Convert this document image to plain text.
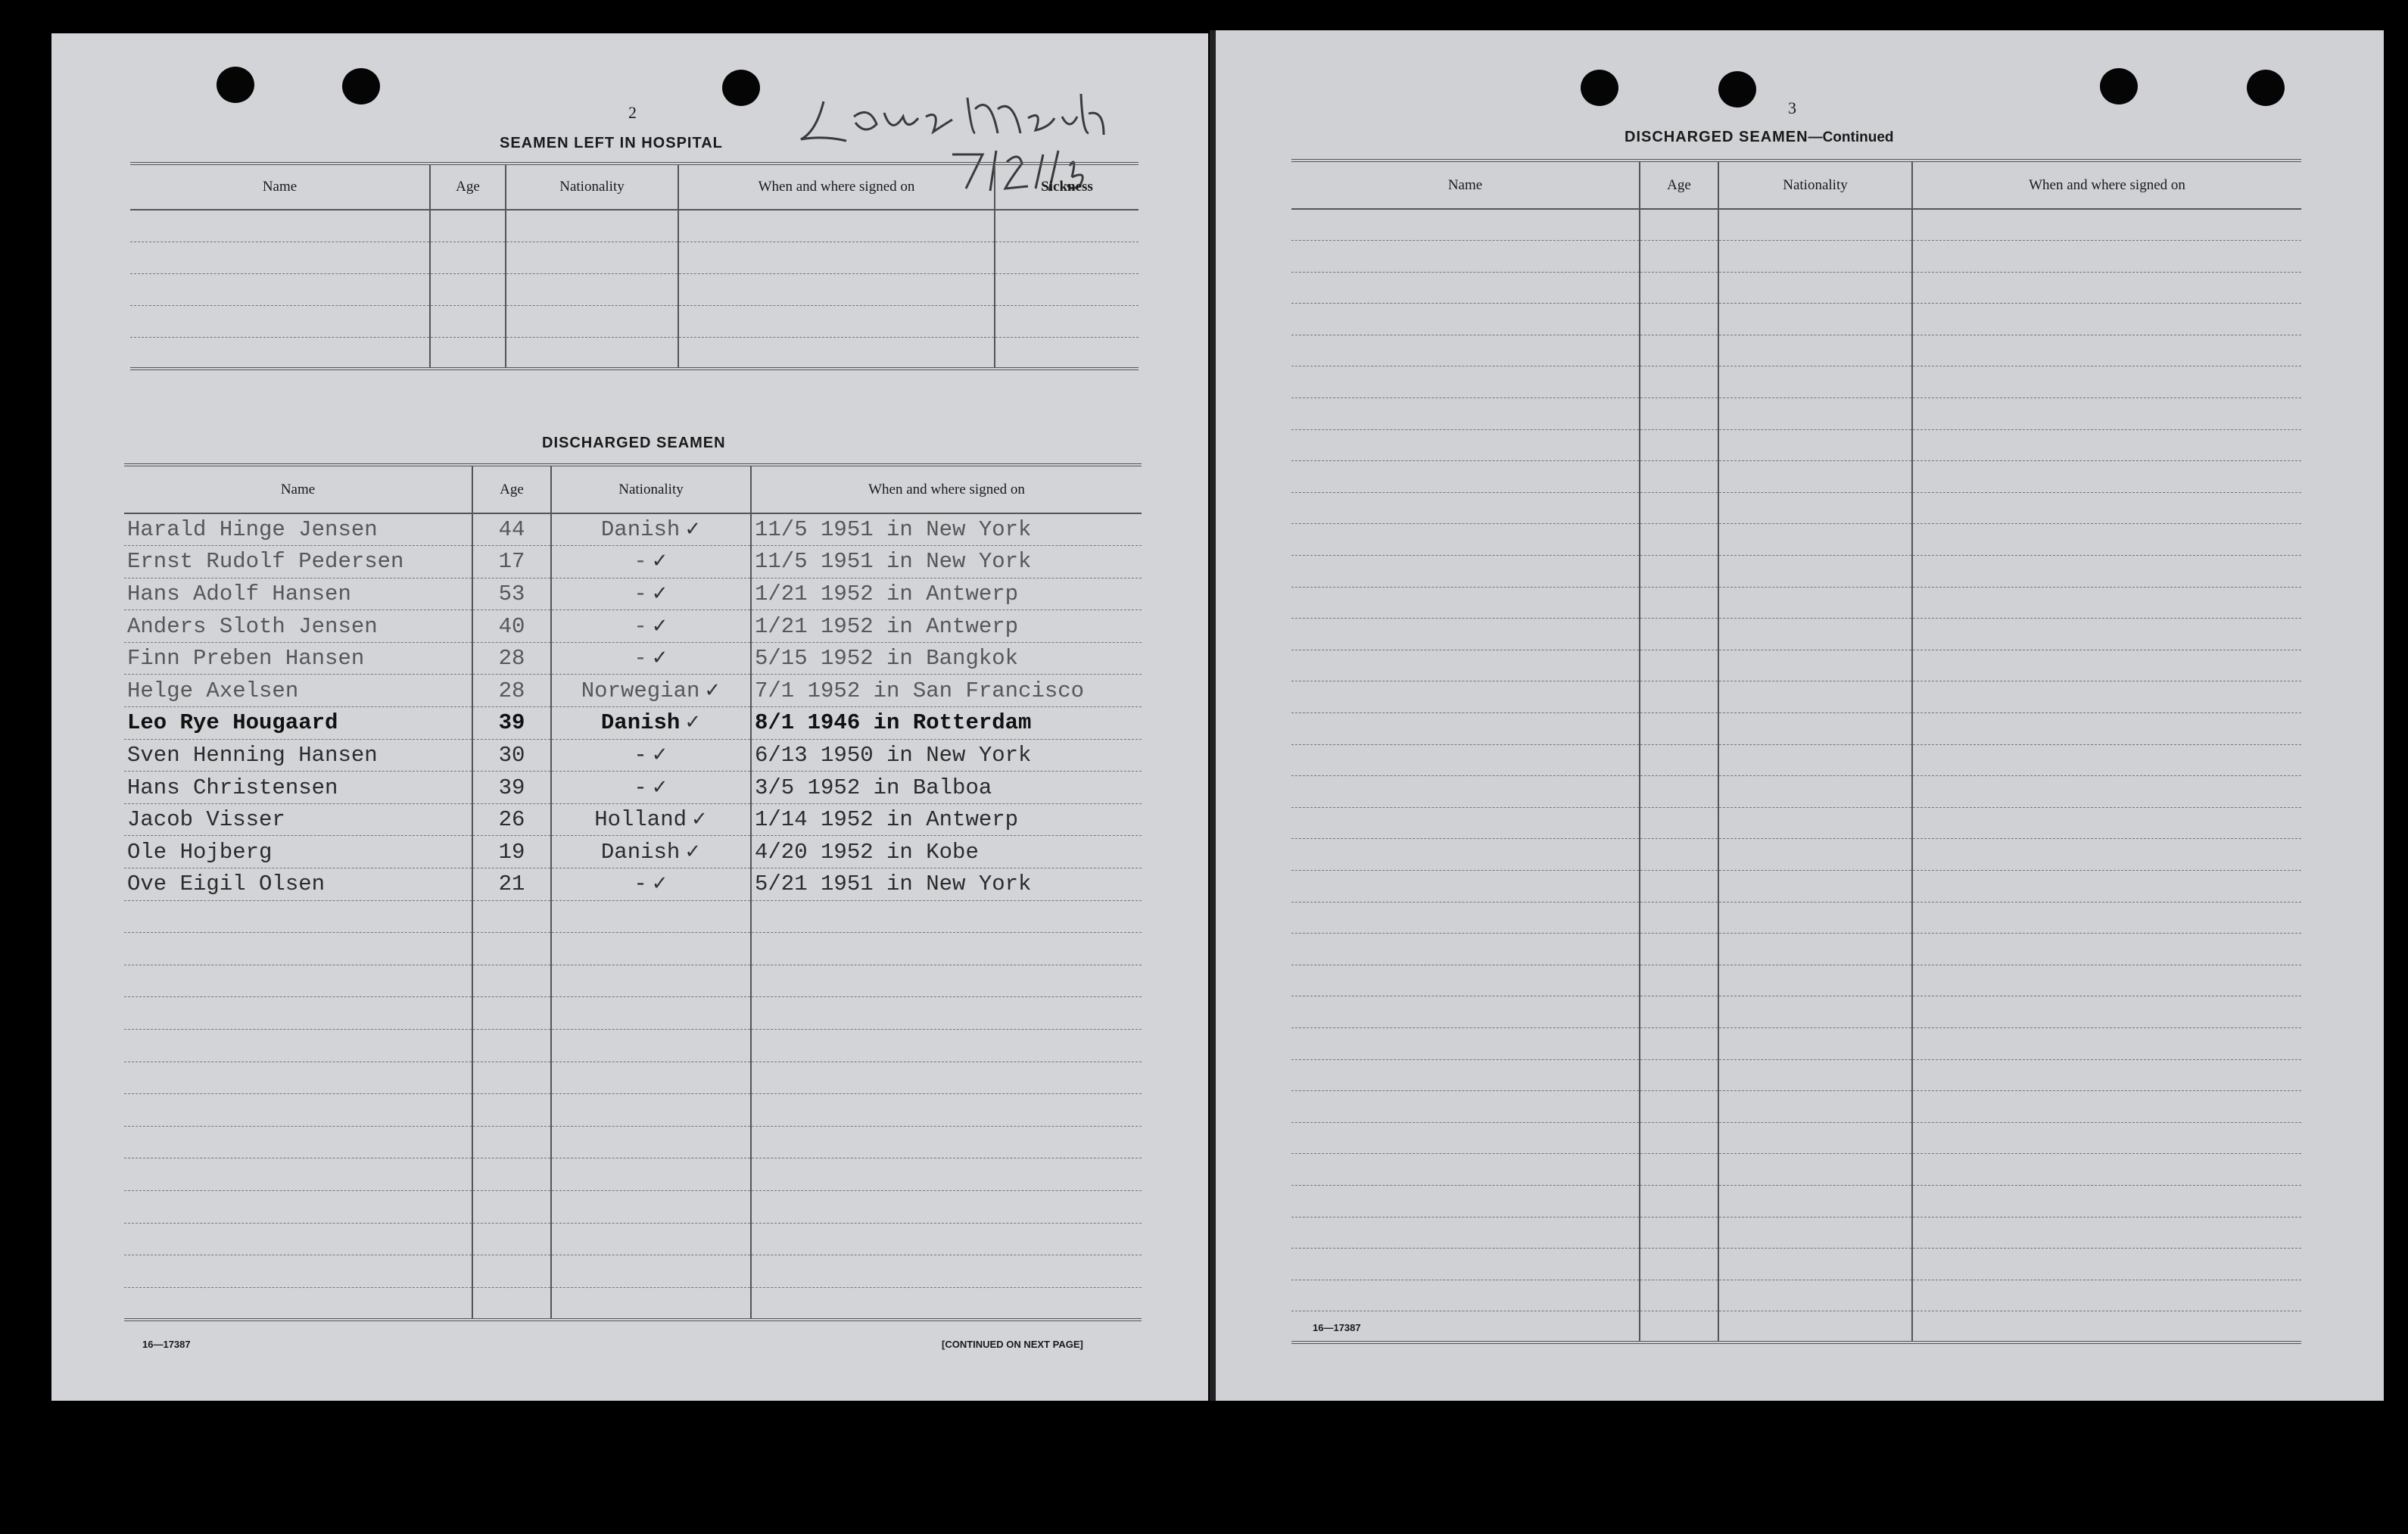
2
SEAMEN LEFT IN HOSPITAL
Name	Age	Nationality	When and where signed on	Sickness

DISCHARGED SEAMEN
Name	Age	Nationality	When and where signed on
Harald Hinge Jensen	44	Danish ✓	11/5 1951 in New York
Ernst Rudolf Pedersen	17	- ✓	11/5 1951 in New York
Hans Adolf Hansen	53	- ✓	1/21 1952 in Antwerp
Anders Sloth Jensen	40	- ✓	1/21 1952 in Antwerp
Finn Preben Hansen	28	- ✓	5/15 1952 in Bangkok
Helge Axelsen	28	Norwegian ✓	7/1 1952 in San Francisco
Leo Rye Hougaard	39	Danish ✓	8/1 1946 in Rotterdam
Sven Henning Hansen	30	- ✓	6/13 1950 in New York
Hans Christensen	39	- ✓	3/5 1952 in Balboa
Jacob Visser	26	Holland ✓	1/14 1952 in Antwerp
Ole Hojberg	19	Danish ✓	4/20 1952 in Kobe
Ove Eigil Olsen	21	- ✓	5/21 1951 in New York

16—17387	[CONTINUED ON NEXT PAGE]
3
DISCHARGED SEAMEN—Continued
Name	Age	Nationality	When and where signed on

16—17387
